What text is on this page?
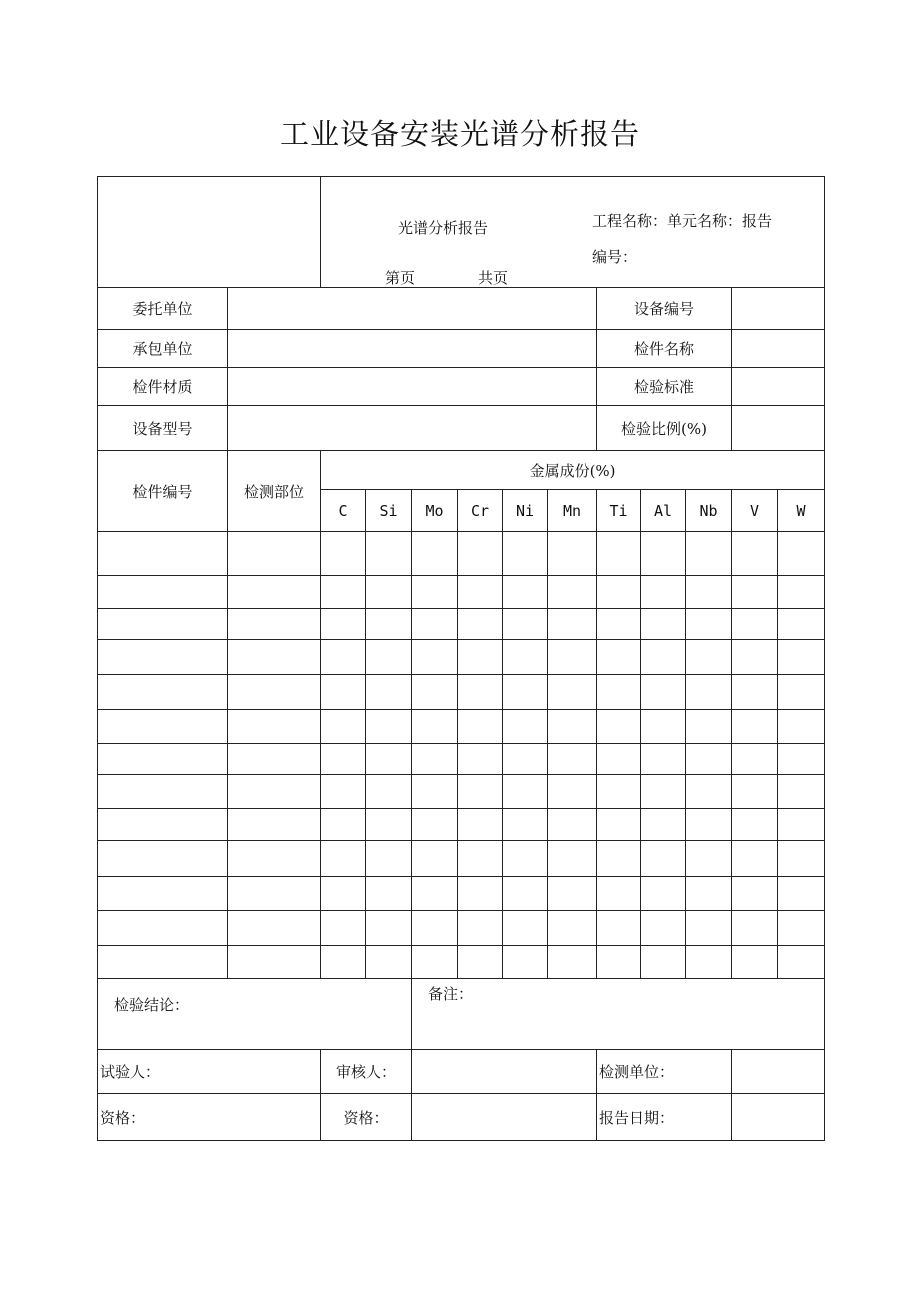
工业设备安装光谱分析报告

		光谱分析报告 工程名称：单元名称：报告
编号：
第页 共页										

委托单位								设备编号				
承包单位								检件名称				
检件材质								检验标准				
设备型号								检验比例(%)				
检件编号	检测部位	金属成份(%)										
		C	Si	Mo	Cr	Ni	Mn	Ti	Al	Nb	V	W

检验结论：				备注：								

试验人：		审核人：						检测单位：				
资格：		资格：						报告日期：				
